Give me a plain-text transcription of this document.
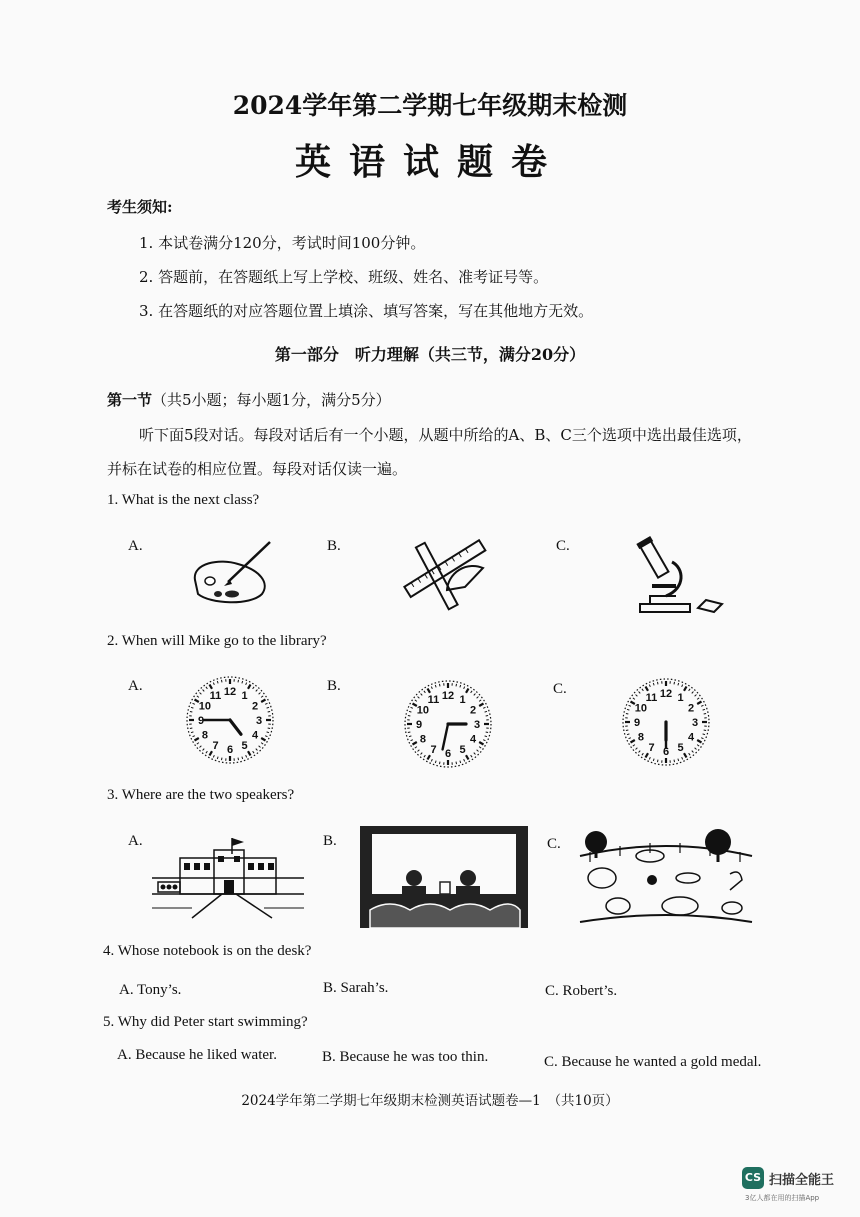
2024学年第二学期七年级期末检测
英语试题卷
考生须知:
1. 本试卷满分120分，考试时间100分钟。
2. 答题前，在答题纸上写上学校、班级、姓名、准考证号等。
3. 在答题纸的对应答题位置上填涂、填写答案，写在其他地方无效。
第一部分　听力理解（共三节，满分20分）
第一节（共5小题；每小题1分，满分5分）
听下面5段对话。每段对话后有一个小题，从题中所给的A、B、C三个选项中选出最佳选项，
并标在试卷的相应位置。每段对话仅读一遍。
1. What is the next class?
A.	B.	C.
2. When will Mike go to the library?
A.	B.	C.
12 1
2
3
4
5
6
7
8
9
10
11	12 1
2
3
4
5
6
7
8
9
10
11	12 1
2
3
4
5
6
7
8
9
10
11
3. Where are the two speakers?
A.	B.	C.
4. Whose notebook is on the desk?
A. Tony’s.	B. Sarah’s.	C. Robert’s.
5. Why did Peter start swimming?
A. Because he liked water.	B. Because he was too thin.	C. Because he wanted a gold medal.
2024学年第二学期七年级期末检测英语试题卷—1　（共10页）
CS 扫描全能王
3亿人都在用的扫描App
